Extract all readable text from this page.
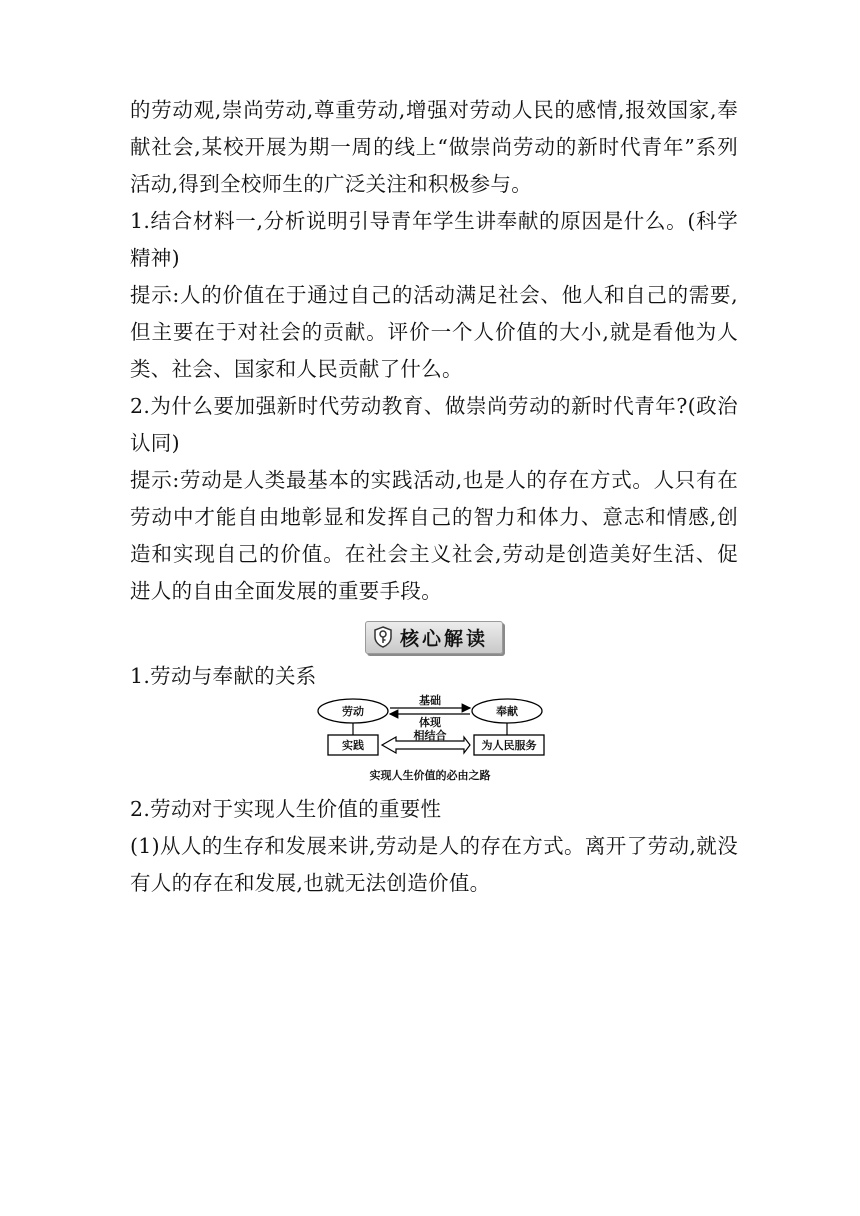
的劳动观,崇尚劳动,尊重劳动,增强对劳动人民的感情,报效国家,奉献社会,某校开展为期一周的线上“做崇尚劳动的新时代青年”系列活动,得到全校师生的广泛关注和积极参与。

1.结合材料一,分析说明引导青年学生讲奉献的原因是什么。(科学精神)

提示:人的价值在于通过自己的活动满足社会、他人和自己的需要,但主要在于对社会的贡献。评价一个人价值的大小,就是看他为人类、社会、国家和人民贡献了什么。

2.为什么要加强新时代劳动教育、做崇尚劳动的新时代青年?(政治认同)

提示:劳动是人类最基本的实践活动,也是人的存在方式。人只有在劳动中才能自由地彰显和发挥自己的智力和体力、意志和情感,创造和实现自己的价值。在社会主义社会,劳动是创造美好生活、促进人的自由全面发展的重要手段。

核心解读

1.劳动与奉献的关系

劳动	奉献
基础
体现
相结合
实践	为人民服务
实现人生价值的必由之路

2.劳动对于实现人生价值的重要性

(1)从人的生存和发展来讲,劳动是人的存在方式。离开了劳动,就没有人的存在和发展,也就无法创造价值。
